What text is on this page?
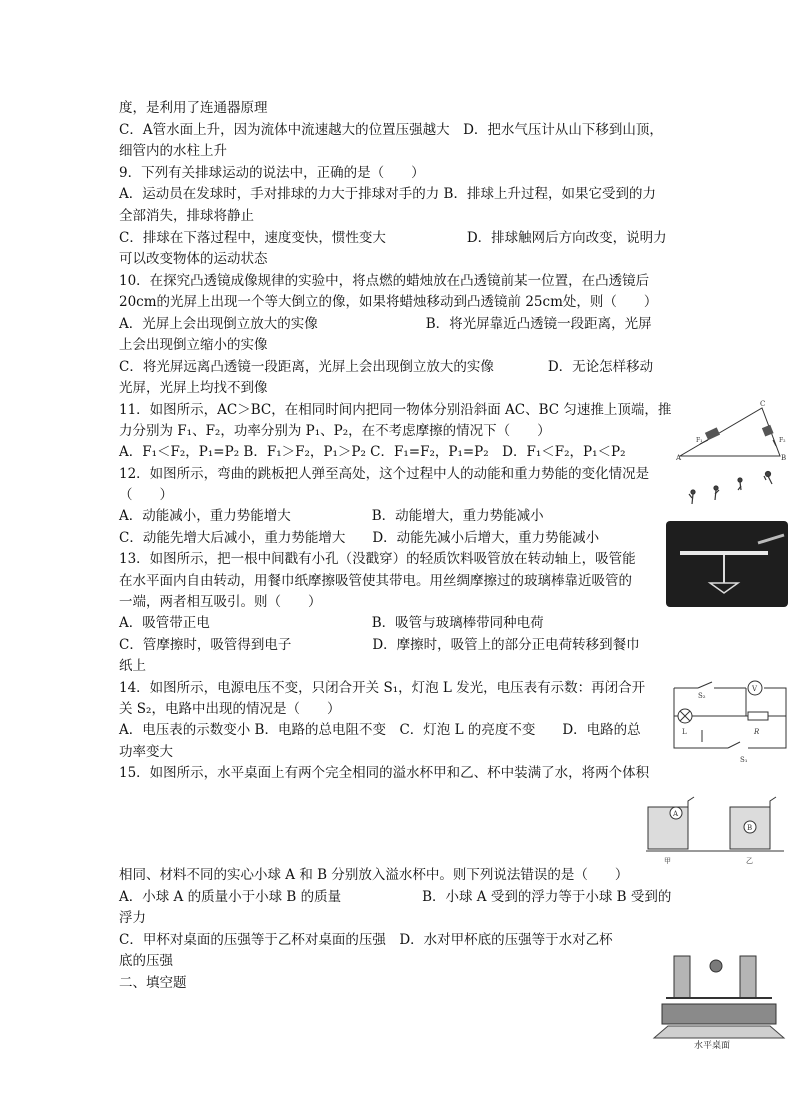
度，是利用了连通器原理
C．A管水面上升，因为流体中流速越大的位置压强越大　D．把水气压计从山下移到山顶，
细管内的水柱上升
9．下列有关排球运动的说法中，正确的是（　　）
A．运动员在发球时，手对排球的力大于排球对手的力 B．排球上升过程，如果它受到的力
全部消失，排球将静止
C．排球在下落过程中，速度变快，惯性变大　　　　　　D．排球触网后方向改变，说明力
可以改变物体的运动状态
10．在探究凸透镜成像规律的实验中，将点燃的蜡烛放在凸透镜前某一位置，在凸透镜后
20cm的光屏上出现一个等大倒立的像，如果将蜡烛移动到凸透镜前 25cm处，则（　　）
A．光屏上会出现倒立放大的实像　　　　　　　　B．将光屏靠近凸透镜一段距离，光屏
上会出现倒立缩小的实像
C．将光屏远离凸透镜一段距离，光屏上会出现倒立放大的实像　　　　D．无论怎样移动
光屏，光屏上均找不到像
11．如图所示，AC＞BC，在相同时间内把同一物体分别沿斜面 AC、BC 匀速推上顶端，推
力分别为 F₁、F₂，功率分别为 P₁、P₂，在不考虑摩擦的情况下（　　）
A．F₁＜F₂，P₁=P₂ B．F₁＞F₂，P₁＞P₂ C．F₁=F₂，P₁=P₂　D．F₁＜F₂，P₁＜P₂
12．如图所示，弯曲的跳板把人弹至高处，这个过程中人的动能和重力势能的变化情况是
（　　）
A．动能减小，重力势能增大　　　　　　B．动能增大，重力势能减小
C．动能先增大后减小，重力势能增大　　D．动能先减小后增大，重力势能减小
13．如图所示，把一根中间戳有小孔（没戳穿）的轻质饮料吸管放在转动轴上，吸管能
在水平面内自由转动，用餐巾纸摩擦吸管使其带电。用丝绸摩擦过的玻璃棒靠近吸管的
一端，两者相互吸引。则（　　）
A．吸管带正电　　　　　　　　　　　　B．吸管与玻璃棒带同种电荷
C．管摩擦时，吸管得到电子　　　　　　D．摩擦时，吸管上的部分正电荷转移到餐巾
纸上
14．如图所示，电源电压不变，只闭合开关 S₁，灯泡 L 发光，电压表有示数：再闭合开
关 S₂，电路中出现的情况是（　　）
A．电压表的示数变小 B．电路的总电阻不变　C．灯泡 L 的亮度不变　　D．电路的总
功率变大
15．如图所示，水平桌面上有两个完全相同的溢水杯甲和乙、杯中装满了水，将两个体积
相同、材料不同的实心小球 A 和 B 分别放入溢水杯中。则下列说法错误的是（　　）
A．小球 A 的质量小于小球 B 的质量　　　　　　B．小球 A 受到的浮力等于小球 B 受到的
浮力
C．甲杯对桌面的压强等于乙杯对桌面的压强　D．水对甲杯底的压强等于水对乙杯
底的压强
二、填空题
A	B
C
F₁	F₂
S₂
V
L	R
S₁
A
B
甲	乙
水平桌面
